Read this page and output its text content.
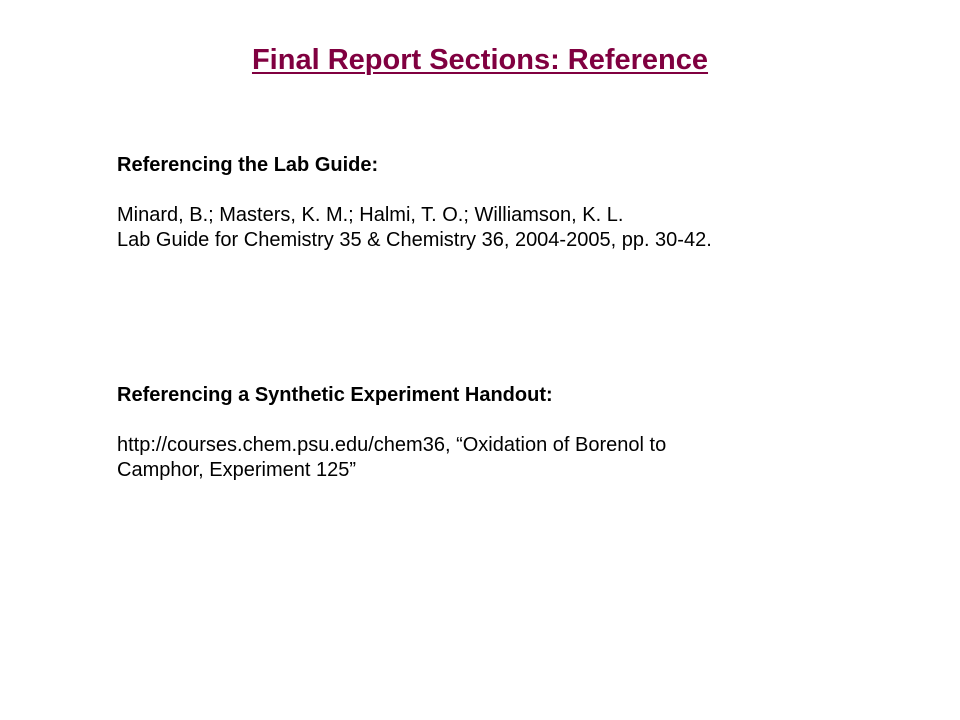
Final Report Sections: Reference
Referencing the Lab Guide:
Minard, B.; Masters, K. M.; Halmi, T. O.; Williamson, K. L.
Lab Guide for Chemistry 35 & Chemistry 36, 2004-2005, pp. 30-42.
Referencing a Synthetic Experiment Handout:
http://courses.chem.psu.edu/chem36, “Oxidation of Borenol to
Camphor, Experiment 125”
